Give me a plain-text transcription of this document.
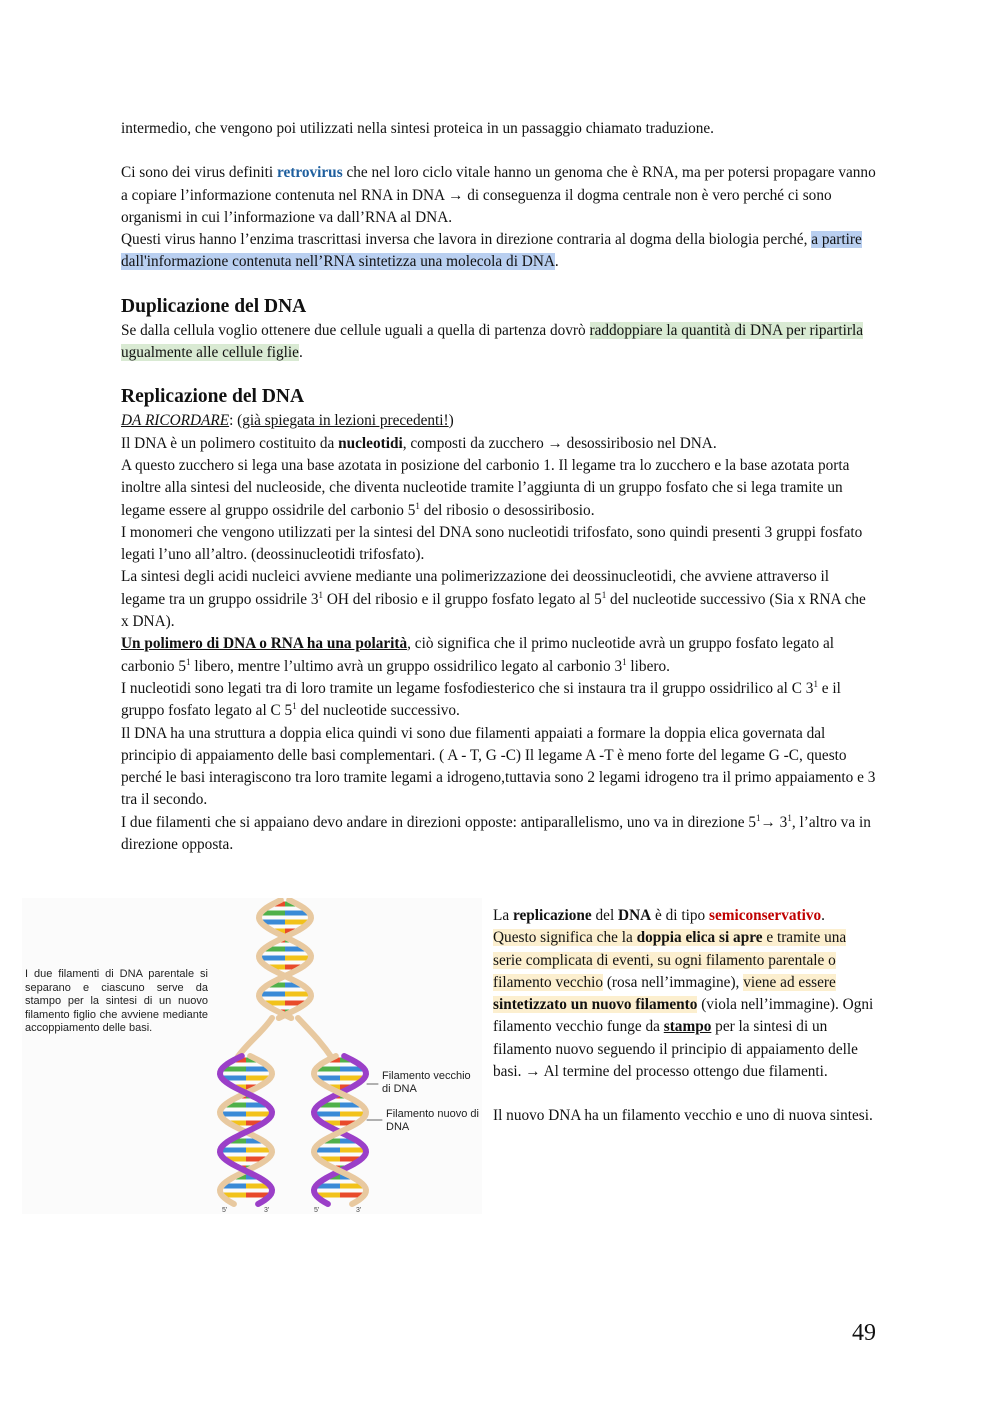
intermedio, che vengono poi utilizzati nella sintesi proteica in un passaggio chiamato traduzione.

Ci sono dei virus definiti retrovirus che nel loro ciclo vitale hanno un genoma che è RNA, ma per potersi propagare vanno a copiare l’informazione contenuta nel RNA in DNA → di conseguenza il dogma centrale non è vero perché ci sono organismi in cui l’informazione va dall’RNA al DNA.

Questi virus hanno l’enzima trascrittasi inversa che lavora in direzione contraria al dogma della biologia perché, a partire dall'informazione contenuta nell’RNA sintetizza una molecola di DNA.

Duplicazione del DNA

Se dalla cellula voglio ottenere due cellule uguali a quella di partenza dovrò raddoppiare la quantità di DNA per ripartirla ugualmente alle cellule figlie.

Replicazione del DNA

DA RICORDARE: (già spiegata in lezioni precedenti!)

Il DNA è un polimero costituito da nucleotidi, composti da zucchero → desossiribosio nel DNA.

A questo zucchero si lega una base azotata in posizione del carbonio 1. Il legame tra lo zucchero e la base azotata porta inoltre alla sintesi del nucleoside, che diventa nucleotide tramite l’aggiunta di un gruppo fosfato che si lega tramite un legame essere al gruppo ossidrile del carbonio $5^1$ del ribosio o desossiribosio.

I monomeri che vengono utilizzati per la sintesi del DNA sono nucleotidi trifosfato, sono quindi presenti 3 gruppi fosfato legati l’uno all’altro. (deossinucleotidi trifosfato).

La sintesi degli acidi nucleici avviene mediante una polimerizzazione dei deossinucleotidi, che avviene attraverso il legame tra un gruppo ossidrile $3^1$ OH del ribosio e il gruppo fosfato legato al $5^1$ del nucleotide successivo (Sia x RNA che x DNA).

Un polimero di DNA o RNA ha una polarità, ciò significa che il primo nucleotide avrà un gruppo fosfato legato al carbonio $5^1$ libero, mentre l’ultimo avrà un gruppo ossidrilico legato al carbonio $3^1$ libero.

I nucleotidi sono legati tra di loro tramite un legame fosfodiesterico che si instaura tra il gruppo ossidrilico al C $3^1$ e il gruppo fosfato legato al C $5^1$ del nucleotide successivo.

Il DNA ha una struttura a doppia elica quindi vi sono due filamenti appaiati a formare la doppia elica governata dal principio di appaiamento delle basi complementari. ( A - T, G -C) Il legame A -T è meno forte del legame G -C, questo perché le basi interagiscono tra loro tramite legami a idrogeno,tuttavia sono 2 legami idrogeno tra il primo appaiamento e 3 tra il secondo.

I due filamenti che si appaiano devo andare in direzioni opposte: antiparallelismo, uno va in direzione $5^1\to 3^1$, l’altro va in direzione opposta.

I due filamenti di DNA parentale si separano e ciascuno serve da stampo per la sintesi di un nuovo filamento figlio che avviene mediante accoppiamento delle basi.
5'	3'	5'	3'
Filamento vecchio di DNA
Filamento nuovo di DNA

La replicazione del DNA è di tipo semiconservativo.

Questo significa che la doppia elica si apre e tramite una serie complicata di eventi, su ogni filamento parentale o filamento vecchio (rosa nell’immagine), viene ad essere sintetizzato un nuovo filamento (viola nell’immagine). Ogni filamento vecchio funge da stampo per la sintesi di un filamento nuovo seguendo il principio di appaiamento delle basi. → Al termine del processo ottengo due filamenti.

Il nuovo DNA ha un filamento vecchio e uno di nuova sintesi.

49
